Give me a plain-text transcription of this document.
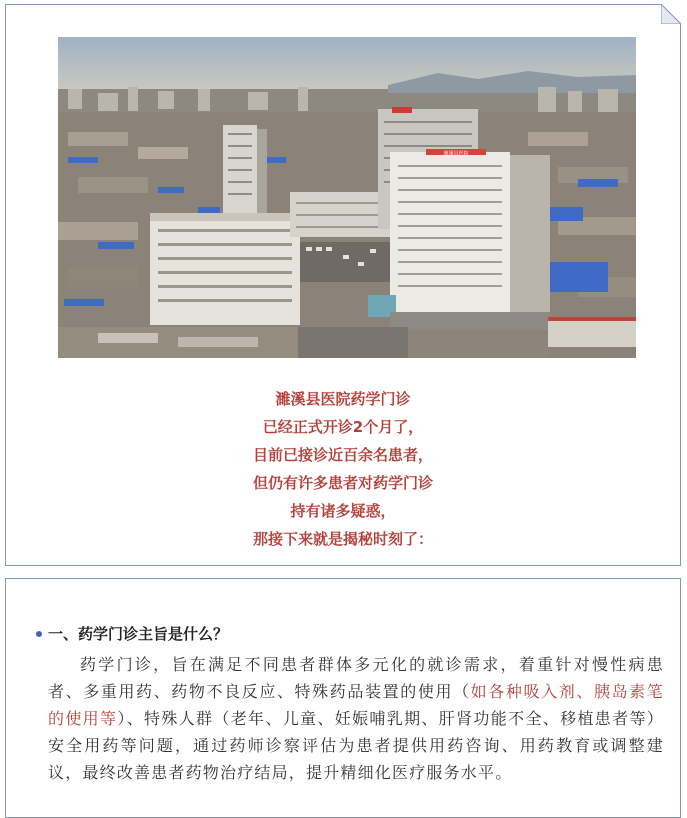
潍溪县医院
濉溪县医院药学门诊
已经正式开诊2个月了，
目前已接诊近百余名患者，
但仍有许多患者对药学门诊
持有诸多疑惑，
那接下来就是揭秘时刻了：
一、药学门诊主旨是什么？
药学门诊，旨在满足不同患者群体多元化的就诊需求，着重针对慢性病患者、多重用药、药物不良反应、特殊药品装置的使用（如各种吸入剂、胰岛素笔的使用等）、特殊人群（老年、儿童、妊娠哺乳期、肝肾功能不全、移植患者等）安全用药等问题，通过药师诊察评估为患者提供用药咨询、用药教育或调整建议，最终改善患者药物治疗结局，提升精细化医疗服务水平。
